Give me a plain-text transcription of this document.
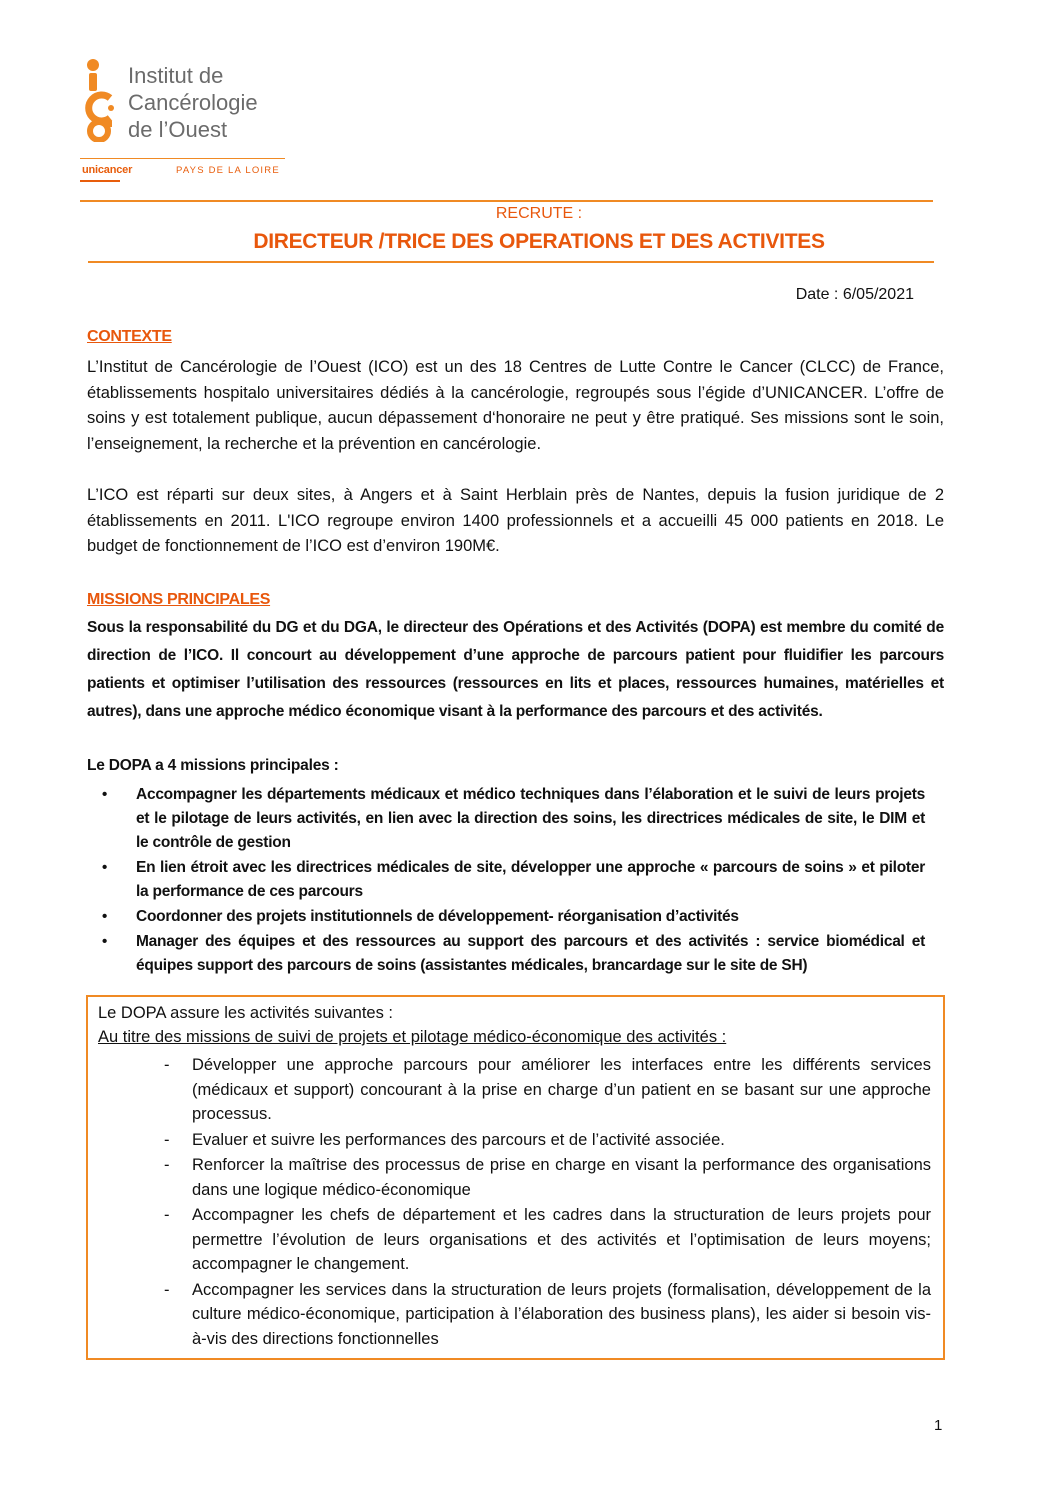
Institut de
Cancérologie
de l’Ouest
unicancer	PAYS DE LA LOIRE
RECRUTE :
DIRECTEUR /TRICE DES OPERATIONS ET DES ACTIVITES
Date : 6/05/2021
CONTEXTE

L’Institut de Cancérologie de l’Ouest (ICO) est un des 18 Centres de Lutte Contre le Cancer (CLCC) de France, établissements hospitalo universitaires dédiés à la cancérologie, regroupés sous l’égide d’UNICANCER. L’offre de soins y est totalement publique, aucun dépassement d‘honoraire ne peut y être pratiqué. Ses missions sont le soin, l’enseignement, la recherche et la prévention en cancérologie.

L’ICO est réparti sur deux sites, à Angers et à Saint Herblain près de Nantes, depuis la fusion juridique de 2 établissements en 2011. L'ICO regroupe environ 1400 professionnels et a accueilli 45 000 patients en 2018. Le budget de fonctionnement de l’ICO est d’environ 190M€.

MISSIONS PRINCIPALES

Sous la responsabilité du DG et du DGA, le directeur des Opérations et des Activités (DOPA) est membre du comité de direction de l’ICO. Il concourt au développement d’une approche de parcours patient pour fluidifier les parcours patients et optimiser l’utilisation des ressources (ressources en lits et places, ressources humaines, matérielles et autres), dans une approche médico économique visant à la performance des parcours et des activités.

Le DOPA a 4 missions principales :
• Accompagner les départements médicaux et médico techniques dans l’élaboration et le suivi de leurs projets et le pilotage de leurs activités, en lien avec la direction des soins, les directrices médicales de site, le DIM et le contrôle de gestion
• En lien étroit avec les directrices médicales de site, développer une approche « parcours de soins » et piloter la performance de ces parcours
• Coordonner des projets institutionnels de développement- réorganisation d’activités
• Manager des équipes et des ressources au support des parcours et des activités : service biomédical et équipes support des parcours de soins (assistantes médicales, brancardage sur le site de SH)
Le DOPA assure les activités suivantes :
Au titre des missions de suivi de projets et pilotage médico-économique des activités :
- Développer une approche parcours pour améliorer les interfaces entre les différents services (médicaux et support) concourant à la prise en charge d’un patient en se basant sur une approche processus.
- Evaluer et suivre les performances des parcours et de l’activité associée.
- Renforcer la maîtrise des processus de prise en charge en visant la performance des organisations dans une logique médico-économique
- Accompagner les chefs de département et les cadres dans la structuration de leurs projets pour permettre l’évolution de leurs organisations et des activités et l’optimisation de leurs moyens; accompagner le changement.
- Accompagner les services dans la structuration de leurs projets (formalisation, développement de la culture médico-économique, participation à l’élaboration des business plans), les aider si besoin vis-à-vis des directions fonctionnelles
1
